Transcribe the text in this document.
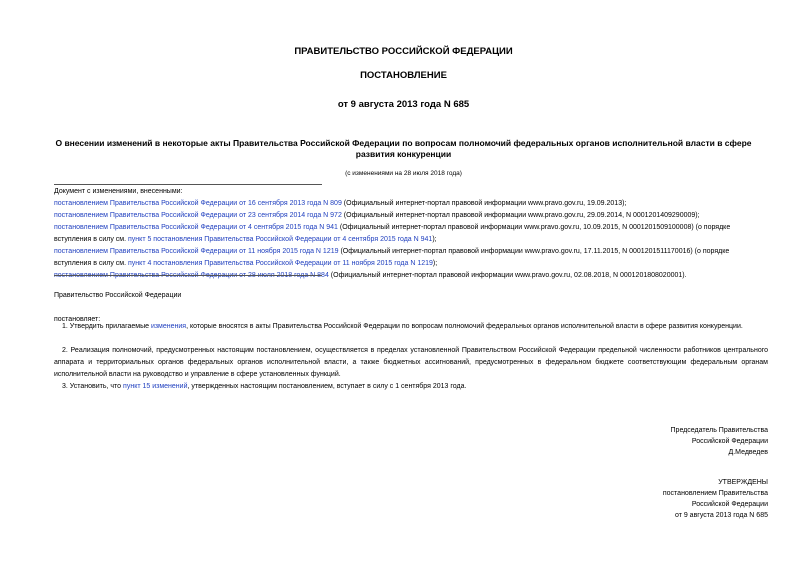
ПРАВИТЕЛЬСТВО РОССИЙСКОЙ ФЕДЕРАЦИИ
ПОСТАНОВЛЕНИЕ
от 9 августа 2013 года N 685
О внесении изменений в некоторые акты Правительства Российской Федерации по вопросам полномочий федеральных органов исполнительной власти в сфере
развития конкуренции
(с изменениями на 28 июля 2018 года)
Документ с изменениями, внесенными:
постановлением Правительства Российской Федерации от 16 сентября 2013 года N 809 (Официальный интернет-портал правовой информации www.pravo.gov.ru, 19.09.2013);
постановлением Правительства Российской Федерации от 23 сентября 2014 года N 972 (Официальный интернет-портал правовой информации www.pravo.gov.ru, 29.09.2014, N 0001201409290009);
постановлением Правительства Российской Федерации от 4 сентября 2015 года N 941 (Официальный интернет-портал правовой информации www.pravo.gov.ru, 10.09.2015, N 0001201509100008) (о порядке
вступления в силу см. пункт 5 постановления Правительства Российской Федерации от 4 сентября 2015 года N 941);
постановлением Правительства Российской Федерации от 11 ноября 2015 года N 1219 (Официальный интернет-портал правовой информации www.pravo.gov.ru, 17.11.2015, N 0001201511170016) (о порядке
вступления в силу см. пункт 4 постановления Правительства Российской Федерации от 11 ноября 2015 года N 1219);
постановлением Правительства Российской Федерации от 28 июля 2018 года N 884 (Официальный интернет-портал правовой информации www.pravo.gov.ru, 02.08.2018, N 0001201808020001).
Правительство Российской Федерации
постановляет:
1. Утвердить прилагаемые изменения, которые вносятся в акты Правительства Российской Федерации по вопросам полномочий федеральных органов исполнительной власти в сфере развития конкуренции.
2. Реализация полномочий, предусмотренных настоящим постановлением, осуществляется в пределах установленной Правительством Российской Федерации предельной численности работников центрального аппарата и территориальных органов федеральных органов исполнительной власти, а также бюджетных ассигнований, предусмотренных в федеральном бюджете соответствующим федеральным органам исполнительной власти на руководство и управление в сфере установленных функций.
3. Установить, что пункт 15 изменений, утвержденных настоящим постановлением, вступает в силу с 1 сентября 2013 года.
Председатель Правительства
Российской Федерации
Д.Медведев
УТВЕРЖДЕНЫ
постановлением Правительства
Российской Федерации
от 9 августа 2013 года N 685
